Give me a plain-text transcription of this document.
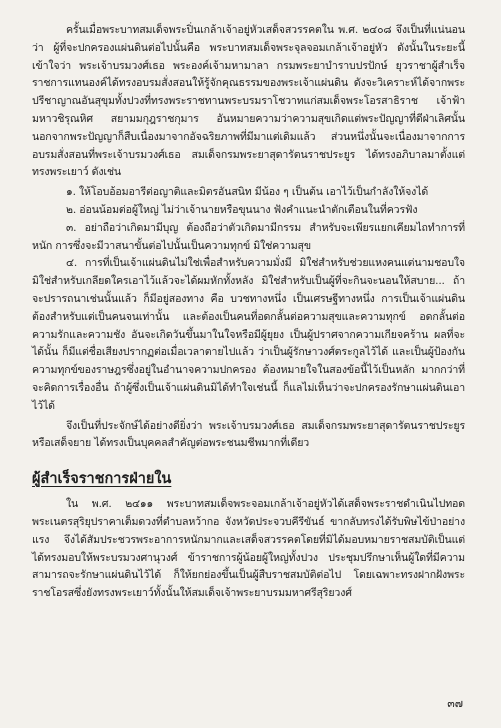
ครั้นเมื่อพระบาทสมเด็จพระปิ่นเกล้าเจ้าอยู่หัวเสด็จสวรรคตใน พ.ศ. ๒๔๐๘ จึงเป็นที่แน่นอนว่า ผู้ที่จะปกครองแผ่นดินต่อไปนั้นคือ พระบาทสมเด็จพระจุลจอมเกล้าเจ้าอยู่หัว ดังนั้นในระยะนี้เข้าใจว่า พระเจ้าบรมวงศ์เธอ พระองค์เจ้ามหามาลา กรมพระยาบำราบปรปักษ์ ยุวราชาผู้สำเร็จราชการแทนองค์ได้ทรงอบรมสั่งสอนให้รู้จักคุณธรรมของพระเจ้าแผ่นดิน ดังจะวิเคราะห์ได้จากพระปรีชาญาณอันสุขุมทั้งปวงที่ทรงพระราชทานพระบรมราโชวาทแก่สมเด็จพระโอรสาธิราช เจ้าฟ้ามหาวชิรุณหิศ สยามมกุฎราชกุมาร อันหมายความว่าความสุขเกิดแต่พระปัญญาที่ดีฝ่าเลิศนั้น นอกจากพระปัญญาก็สืบเนื่องมาจากอัจฉริยภาพที่มีมาแต่เดิมแล้ว ส่วนหนึ่งนั้นจะเนื่องมาจากการอบรมสั่งสอนที่พระเจ้าบรมวงศ์เธอ สมเด็จกรมพระยาสุดารัตนราชประยูร ได้ทรงอภิบาลมาตั้งแต่ทรงพระเยาว์ ดังเช่น

๑. ให้โอบอ้อมอารีต่อญาติและมิตรอันสนิท มีน้อง ๆ เป็นต้น เอาไว้เป็นกำลังให้จงได้

๒. อ่อนน้อมต่อผู้ใหญ่ ไม่ว่าเจ้านายหรือขุนนาง ฟังคำแนะนำตักเตือนในที่ควรฟัง

๓. อย่าถือว่าเกิดมามีบุญ ต้องถือว่าตัวเกิดมามีกรรม สำหรับจะเพียรแยกเคียมไถทำการที่หนัก การซึ่งจะมีวาสนาขั้นต่อไปนั้นเป็นความทุกข์ มิใช่ความสุข

๔. การที่เป็นเจ้าแผ่นดินไม่ใช่เพื่อสำหรับความมั่งมี มิใช่สำหรับช่วยแหงคนแต่นามชอบใจ มิใช่สำหรับเกลียดใครเอาไว้แล้วจะได้ผมหักทั้งหลัง มิใช่สำหรับเป็นผู้ที่จะกินจะนอนให้สบาย... ถ้าจะปรารถนาเช่นนั้นแล้ว ก็มีอยู่สองทาง คือ บวชทางหนึ่ง เป็นเศรษฐีทางหนึ่ง การเป็นเจ้าแผ่นดินต้องสำหรับแต่เป็นคนจนเท่านั้น และต้องเป็นคนที่อดกลั้นต่อความสุขและความทุกข์ อดกลั้นต่อความรักและความชัง อันจะเกิดวันขึ้นมาในใจหรือมีผู้ยุยง เป็นผู้ปราศจากความเกียจคร้าน ผลที่จะได้นั้น ก็มีแต่ชื่อเสียงปรากฏต่อเมื่อเวลาตายไปแล้ว ว่าเป็นผู้รักษาวงศ์ตระกูลไว้ได้ และเป็นผู้ป้องกันความทุกข์ของราษฎรซึ่งอยู่ในอำนาจความปกครอง ต้องหมายใจในสองข้อนี้ไว้เป็นหลัก มากกว่าที่จะคิดการเรื่องอื่น ถ้าผู้ซึ่งเป็นเจ้าแผ่นดินมิได้ทำใจเช่นนี้ ก็แลไม่เห็นว่าจะปกครองรักษาแผ่นดินเอาไว้ได้

จึงเป็นที่ประจักษ์ได้อย่างดียิ่งว่า พระเจ้าบรมวงศ์เธอ สมเด็จกรมพระยาสุดารัตนราชประยูร หรือเสด็จยาย ได้ทรงเป็นบุคคลสำคัญต่อพระชนมชีพมากที่เดียว

ผู้สำเร็จราชการฝ่ายใน

ใน พ.ศ. ๒๔๑๑ พระบาทสมเด็จพระจอมเกล้าเจ้าอยู่หัวได้เสด็จพระราชดำเนินไปทอดพระเนตรสุริยุปราคาเต็มดวงที่ตำบลหว้ากอ จังหวัดประจวบคีรีขันธ์ ขากลับทรงได้รับพิษไข้ป่าอย่างแรง จึงได้สัมประชวรพระอาการหนักมากและเสด็จสวรรคตโดยที่มิได้มอบหมายราชสมบัติเป็นแต่ได้ทรงมอบให้พระบรมวงศานุวงศ์ ข้าราชการผู้น้อยผู้ใหญ่ทั้งปวง ประชุมปรึกษาเห็นผู้ใดที่มีความสามารถจะรักษาแผ่นดินไว้ได้ ก็ให้ยกย่องขึ้นเป็นผู้สืบราชสมบัติต่อไป โดยเฉพาะทรงฝากฝังพระราชโอรสซึ่งยังทรงพระเยาว์ทั้งนั้นให้สมเด็จเจ้าพระยาบรมมหาศรีสุริยวงศ์

๓๗
